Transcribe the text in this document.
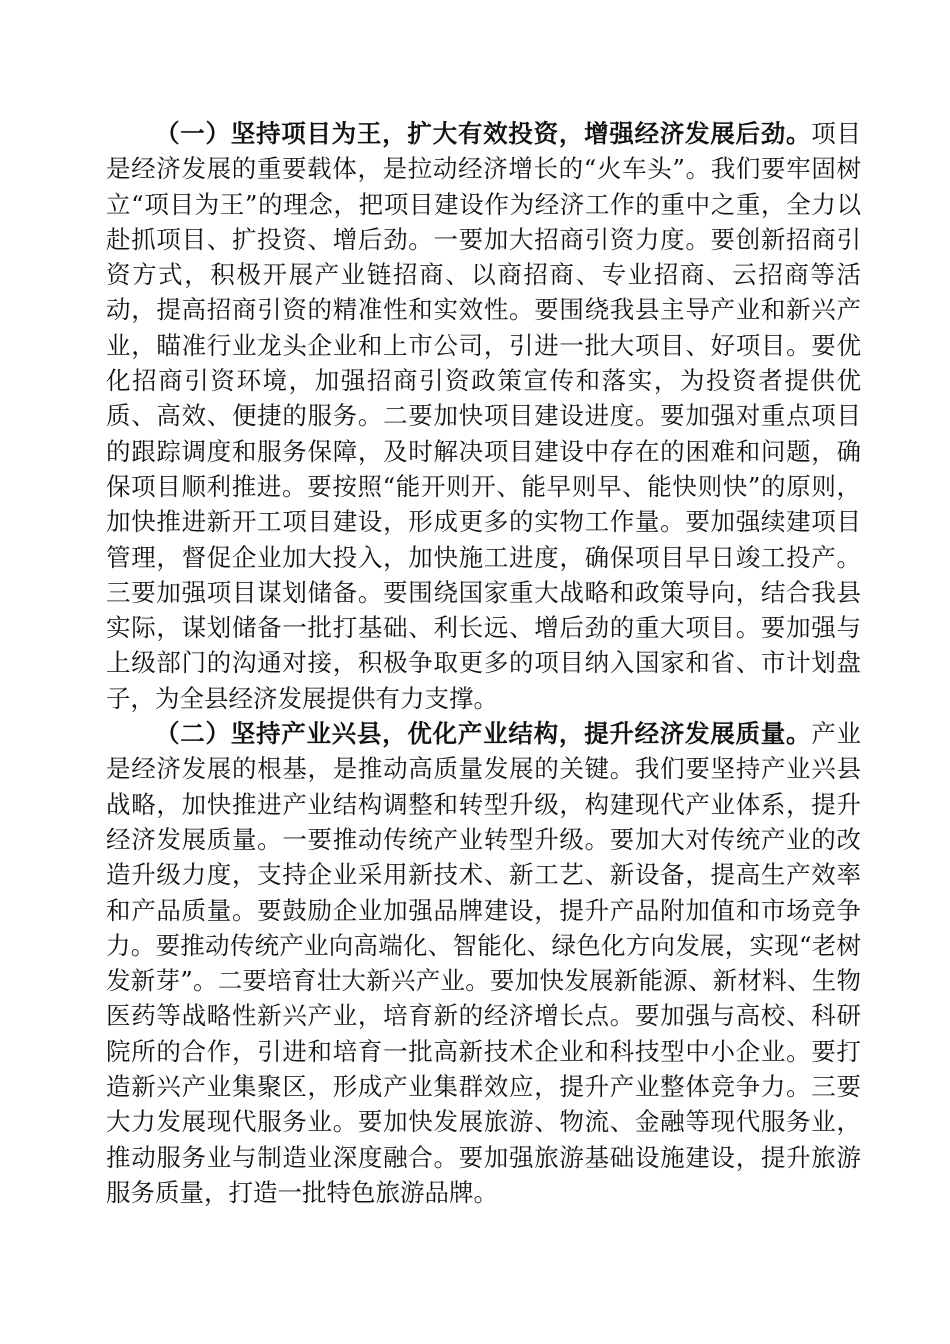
（一）坚持项目为王，扩大有效投资，增强经济发展后劲。项目是经济发展的重要载体，是拉动经济增长的“火车头”。我们要牢固树立“项目为王”的理念，把项目建设作为经济工作的重中之重，全力以赴抓项目、扩投资、增后劲。一要加大招商引资力度。要创新招商引资方式，积极开展产业链招商、以商招商、专业招商、云招商等活动，提高招商引资的精准性和实效性。要围绕我县主导产业和新兴产业，瞄准行业龙头企业和上市公司，引进一批大项目、好项目。要优化招商引资环境，加强招商引资政策宣传和落实，为投资者提供优质、高效、便捷的服务。二要加快项目建设进度。要加强对重点项目的跟踪调度和服务保障，及时解决项目建设中存在的困难和问题，确保项目顺利推进。要按照“能开则开、能早则早、能快则快”的原则，加快推进新开工项目建设，形成更多的实物工作量。要加强续建项目管理，督促企业加大投入，加快施工进度，确保项目早日竣工投产。三要加强项目谋划储备。要围绕国家重大战略和政策导向，结合我县实际，谋划储备一批打基础、利长远、增后劲的重大项目。要加强与上级部门的沟通对接，积极争取更多的项目纳入国家和省、市计划盘子，为全县经济发展提供有力支撑。

（二）坚持产业兴县，优化产业结构，提升经济发展质量。产业是经济发展的根基，是推动高质量发展的关键。我们要坚持产业兴县战略，加快推进产业结构调整和转型升级，构建现代产业体系，提升经济发展质量。一要推动传统产业转型升级。要加大对传统产业的改造升级力度，支持企业采用新技术、新工艺、新设备，提高生产效率和产品质量。要鼓励企业加强品牌建设，提升产品附加值和市场竞争力。要推动传统产业向高端化、智能化、绿色化方向发展，实现“老树发新芽”。二要培育壮大新兴产业。要加快发展新能源、新材料、生物医药等战略性新兴产业，培育新的经济增长点。要加强与高校、科研院所的合作，引进和培育一批高新技术企业和科技型中小企业。要打造新兴产业集聚区，形成产业集群效应，提升产业整体竞争力。三要大力发展现代服务业。要加快发展旅游、物流、金融等现代服务业，推动服务业与制造业深度融合。要加强旅游基础设施建设，提升旅游服务质量，打造一批特色旅游品牌。
